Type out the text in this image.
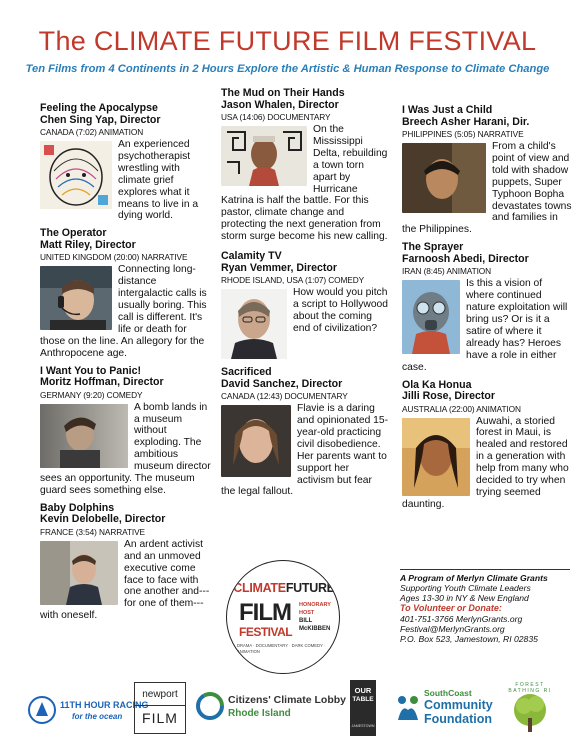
The CLIMATE FUTURE FILM FESTIVAL
Ten Films from 4 Continents in 2 Hours Explore the Artistic & Human Response to Climate Change
Feeling the Apocalypse
Chen Sing Yap, Director
CANADA (7:02) ANIMATION
An experienced psychotherapist wrestling with climate grief explores what it means to live in a dying world.
The Operator
Matt Riley, Director
UNITED KINGDOM (20:00) NARRATIVE
Connecting long-distance intergalactic calls is usually boring. This call is different. It's life or death for those on the line. An allegory for the Anthropocene age.
I Want You to Panic!
Moritz Hoffman, Director
GERMANY (9:20) COMEDY
A bomb lands in a museum without exploding. The ambitious museum director sees an opportunity. The museum guard sees something else.
Baby Dolphins
Kevin Delobelle, Director
FRANCE (3:54) NARRATIVE
An ardent activist and an unmoved executive come face to face with one another and---for one of them---with oneself.
The Mud on Their Hands
Jason Whalen, Director
USA (14:06) DOCUMENTARY
On the Mississippi Delta, rebuilding a town torn apart by Hurricane Katrina is half the battle. For this pastor, climate change and protecting the next generation from storm surge become his new calling.
Calamity TV
Ryan Vemmer, Director
RHODE ISLAND, USA (1:07) COMEDY
How would you pitch a script to Hollywood about the coming end of civilization?
Sacrificed
David Sanchez, Director
CANADA (12:43) DOCUMENTARY
Flavie is a daring and opinionated 15-year-old practicing civil disobedience. Her parents want to support her activism but fear the legal fallout.
I Was Just a Child
Breech Asher Harani, Dir.
PHILIPPINES (5:05) NARRATIVE
From a child's point of view and told with shadow puppets, Super Typhoon Bopha devastates towns and families in the Philippines.
The Sprayer
Farnoosh Abedi, Director
IRAN (8:45) ANIMATION
Is this a vision of where continued nature exploitation will bring us? Or is it a satire of where it already has? Heroes have a role in either case.
Ola Ka Honua
Jilli Rose, Director
AUSTRALIA (22:00) ANIMATION
Auwahi, a storied forest in Maui, is healed and restored in a generation with help from many who decided to try when trying seemed daunting.
CLIMATEFUTURE
FILM
FESTIVAL
HONORARY HOST
BILL McKIBBEN
DRAMA · DOCUMENTARY · DARK COMEDY · ANIMATION
A Program of Merlyn Climate Grants
Supporting Youth Climate Leaders
Ages 13-30 in NY & New England
To Volunteer or Donate:
401-751-3766 MerlynGrants.org
Festival@MerlynGrants.org
P.O. Box 523, Jamestown, RI 02835
11TH HOUR RACING
for the ocean
newport
FILM
Citizens' Climate Lobby
Rhode Island
OUR
TABLE
JAMESTOWN
SouthCoast
Community
Foundation
FOREST BATHING RI
